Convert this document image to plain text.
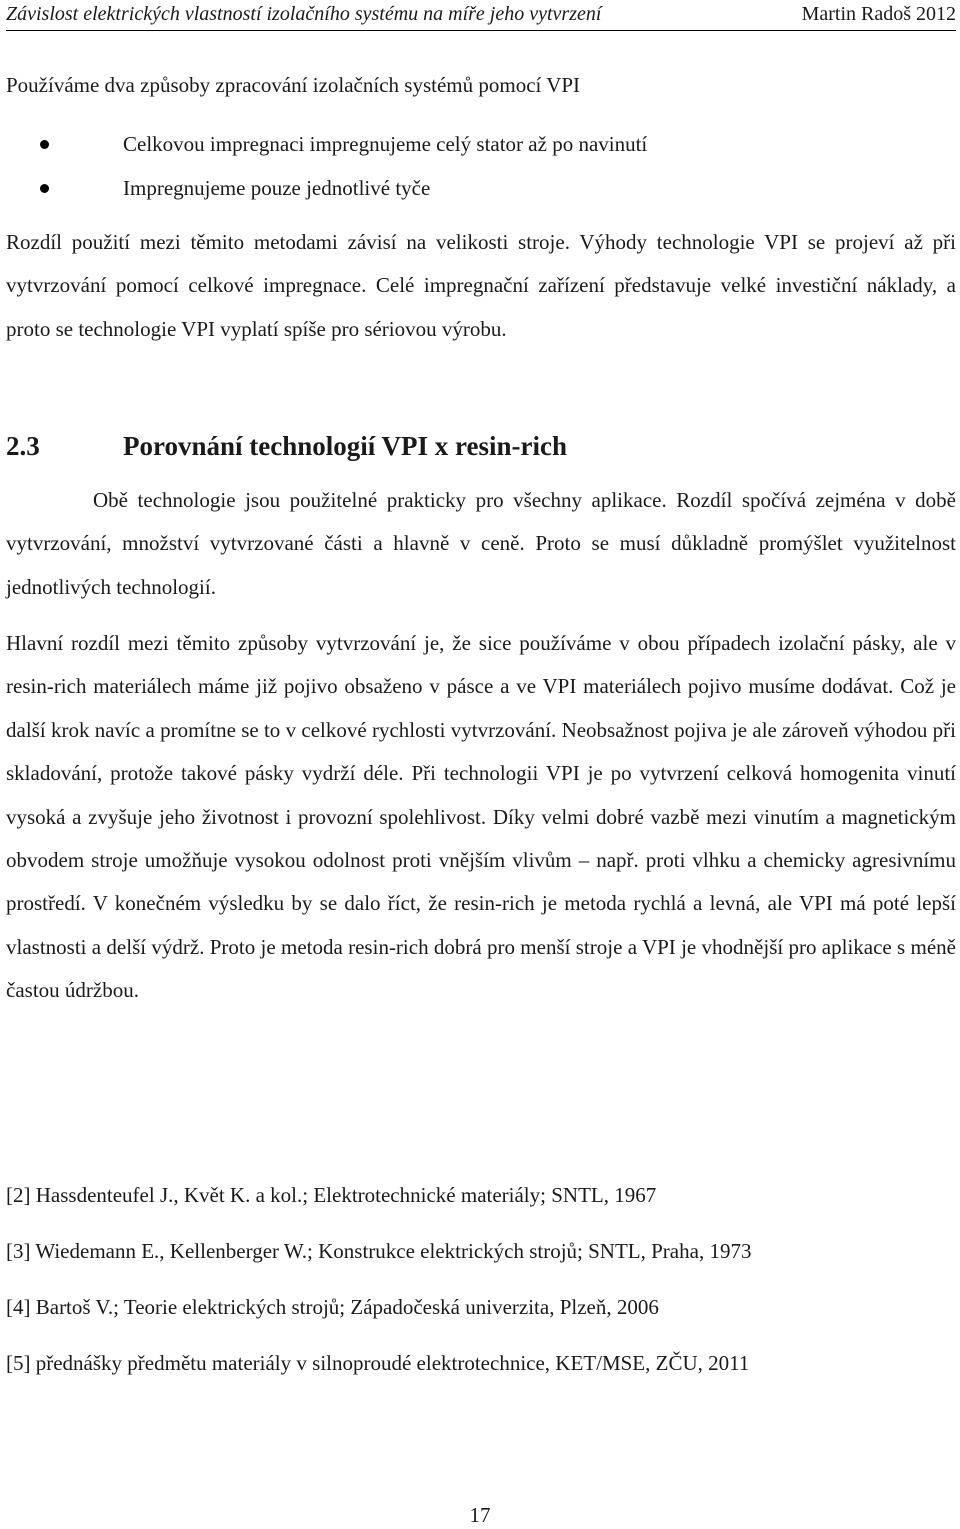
Závislost elektrických vlastností izolačního systému na míře jeho vytvrzení	Martin Radoš 2012

Používáme dva způsoby zpracování izolačních systémů pomocí VPI

Celkovou impregnaci impregnujeme celý stator až po navinutí
Impregnujeme pouze jednotlivé tyče

Rozdíl použití mezi těmito metodami závisí na velikosti stroje. Výhody technologie VPI se projeví až při vytvrzování pomocí celkové impregnace. Celé impregnační zařízení představuje velké investiční náklady, a proto se technologie VPI vyplatí spíše pro sériovou výrobu.

2.3	Porovnání technologií VPI x resin-rich

Obě technologie jsou použitelné prakticky pro všechny aplikace. Rozdíl spočívá zejména v době vytvrzování, množství vytvrzované části a hlavně v ceně. Proto se musí důkladně promýšlet využitelnost jednotlivých technologií.

Hlavní rozdíl mezi těmito způsoby vytvrzování je, že sice používáme v obou případech izolační pásky, ale v resin-rich materiálech máme již pojivo obsaženo v pásce a ve VPI materiálech pojivo musíme dodávat. Což je další krok navíc a promítne se to v celkové rychlosti vytvrzování. Neobsažnost pojiva je ale zároveň výhodou při skladování, protože takové pásky vydrží déle. Při technologii VPI je po vytvrzení celková homogenita vinutí vysoká a zvyšuje jeho životnost i provozní spolehlivost. Díky velmi dobré vazbě mezi vinutím a magnetickým obvodem stroje umožňuje vysokou odolnost proti vnějším vlivům – např. proti vlhku a chemicky agresivnímu prostředí. V konečném výsledku by se dalo říct, že resin-rich je metoda rychlá a levná, ale VPI má poté lepší vlastnosti a delší výdrž. Proto je metoda resin-rich dobrá pro menší stroje a VPI je vhodnější pro aplikace s méně častou údržbou.

[2] Hassdenteufel J., Květ K. a kol.; Elektrotechnické materiály; SNTL, 1967
[3] Wiedemann E., Kellenberger W.; Konstrukce elektrických strojů; SNTL, Praha, 1973
[4] Bartoš V.; Teorie elektrických strojů; Západočeská univerzita, Plzeň, 2006
[5] přednášky předmětu materiály v silnoproudé elektrotechnice, KET/MSE, ZČU, 2011
17
